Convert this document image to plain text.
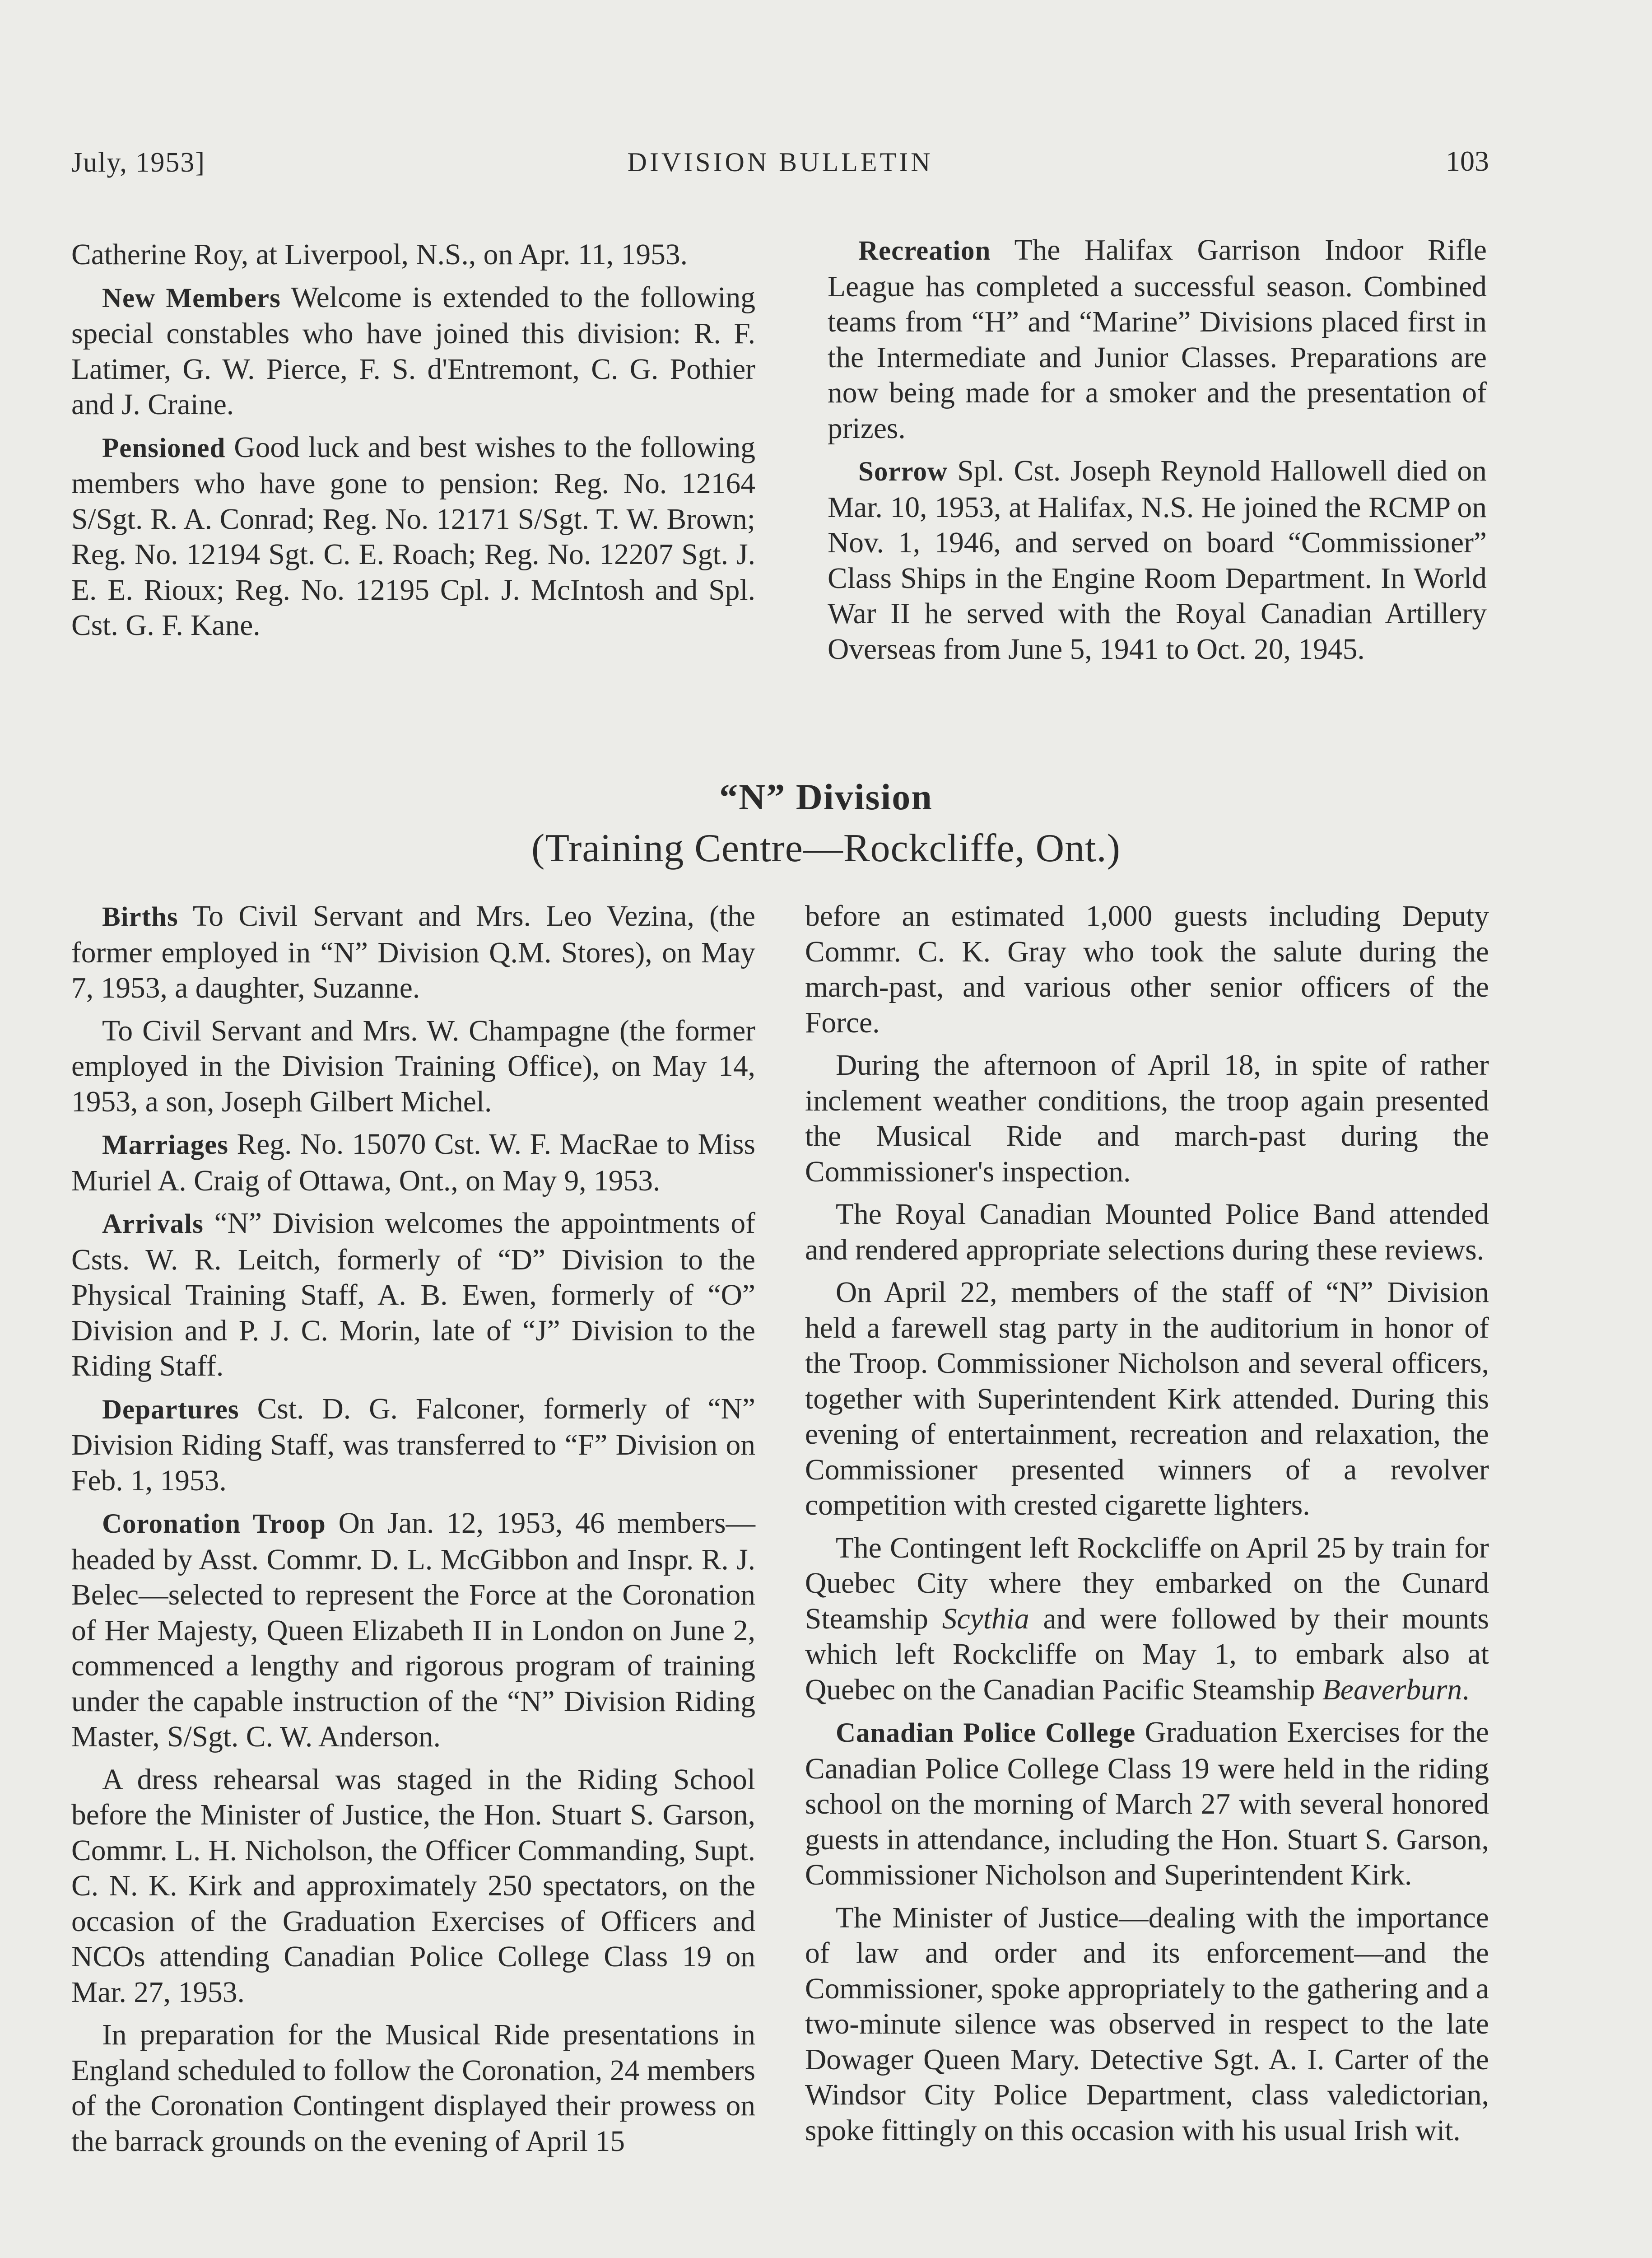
July, 1953]	DIVISION BULLETIN	103

Catherine Roy, at Liverpool, N.S., on Apr. 11, 1953.

New Members Welcome is extended to the following special constables who have joined this division: R. F. Latimer, G. W. Pierce, F. S. d'Entremont, C. G. Pothier and J. Craine.

Pensioned Good luck and best wishes to the following members who have gone to pension: Reg. No. 12164 S/Sgt. R. A. Conrad; Reg. No. 12171 S/Sgt. T. W. Brown; Reg. No. 12194 Sgt. C. E. Roach; Reg. No. 12207 Sgt. J. E. E. Rioux; Reg. No. 12195 Cpl. J. McIntosh and Spl. Cst. G. F. Kane.

Recreation The Halifax Garrison Indoor Rifle League has completed a successful season. Combined teams from “H” and “Marine” Divisions placed first in the Intermediate and Junior Classes. Preparations are now being made for a smoker and the presentation of prizes.

Sorrow Spl. Cst. Joseph Reynold Hallowell died on Mar. 10, 1953, at Halifax, N.S. He joined the RCMP on Nov. 1, 1946, and served on board “Commissioner” Class Ships in the Engine Room Department. In World War II he served with the Royal Canadian Artillery Overseas from June 5, 1941 to Oct. 20, 1945.

“N” Division
(Training Centre—Rockcliffe, Ont.)

Births To Civil Servant and Mrs. Leo Vezina, (the former employed in “N” Division Q.M. Stores), on May 7, 1953, a daughter, Suzanne.

To Civil Servant and Mrs. W. Champagne (the former employed in the Division Training Office), on May 14, 1953, a son, Joseph Gilbert Michel.

Marriages Reg. No. 15070 Cst. W. F. MacRae to Miss Muriel A. Craig of Ottawa, Ont., on May 9, 1953.

Arrivals “N” Division welcomes the appointments of Csts. W. R. Leitch, formerly of “D” Division to the Physical Training Staff, A. B. Ewen, formerly of “O” Division and P. J. C. Morin, late of “J” Division to the Riding Staff.

Departures Cst. D. G. Falconer, formerly of “N” Division Riding Staff, was transferred to “F” Division on Feb. 1, 1953.

Coronation Troop On Jan. 12, 1953, 46 members—headed by Asst. Commr. D. L. McGibbon and Inspr. R. J. Belec—selected to represent the Force at the Coronation of Her Majesty, Queen Elizabeth II in London on June 2, commenced a lengthy and rigorous program of training under the capable instruction of the “N” Division Riding Master, S/Sgt. C. W. Anderson.

A dress rehearsal was staged in the Riding School before the Minister of Justice, the Hon. Stuart S. Garson, Commr. L. H. Nicholson, the Officer Commanding, Supt. C. N. K. Kirk and approximately 250 spectators, on the occasion of the Graduation Exercises of Officers and NCOs attending Canadian Police College Class 19 on Mar. 27, 1953.

In preparation for the Musical Ride presentations in England scheduled to follow the Coronation, 24 members of the Coronation Contingent displayed their prowess on the barrack grounds on the evening of April 15

before an estimated 1,000 guests including Deputy Commr. C. K. Gray who took the salute during the march-past, and various other senior officers of the Force.

During the afternoon of April 18, in spite of rather inclement weather conditions, the troop again presented the Musical Ride and march-past during the Commissioner's inspection.

The Royal Canadian Mounted Police Band attended and rendered appropriate selections during these reviews.

On April 22, members of the staff of “N” Division held a farewell stag party in the auditorium in honor of the Troop. Commissioner Nicholson and several officers, together with Superintendent Kirk attended. During this evening of entertainment, recreation and relaxation, the Commissioner presented winners of a revolver competition with crested cigarette lighters.

The Contingent left Rockcliffe on April 25 by train for Quebec City where they embarked on the Cunard Steamship Scythia and were followed by their mounts which left Rockcliffe on May 1, to embark also at Quebec on the Canadian Pacific Steamship Beaverburn.

Canadian Police College Graduation Exercises for the Canadian Police College Class 19 were held in the riding school on the morning of March 27 with several honored guests in attendance, including the Hon. Stuart S. Garson, Commissioner Nicholson and Superintendent Kirk.

The Minister of Justice—dealing with the importance of law and order and its enforcement—and the Commissioner, spoke appropriately to the gathering and a two-minute silence was observed in respect to the late Dowager Queen Mary. Detective Sgt. A. I. Carter of the Windsor City Police Department, class valedictorian, spoke fittingly on this occasion with his usual Irish wit.
